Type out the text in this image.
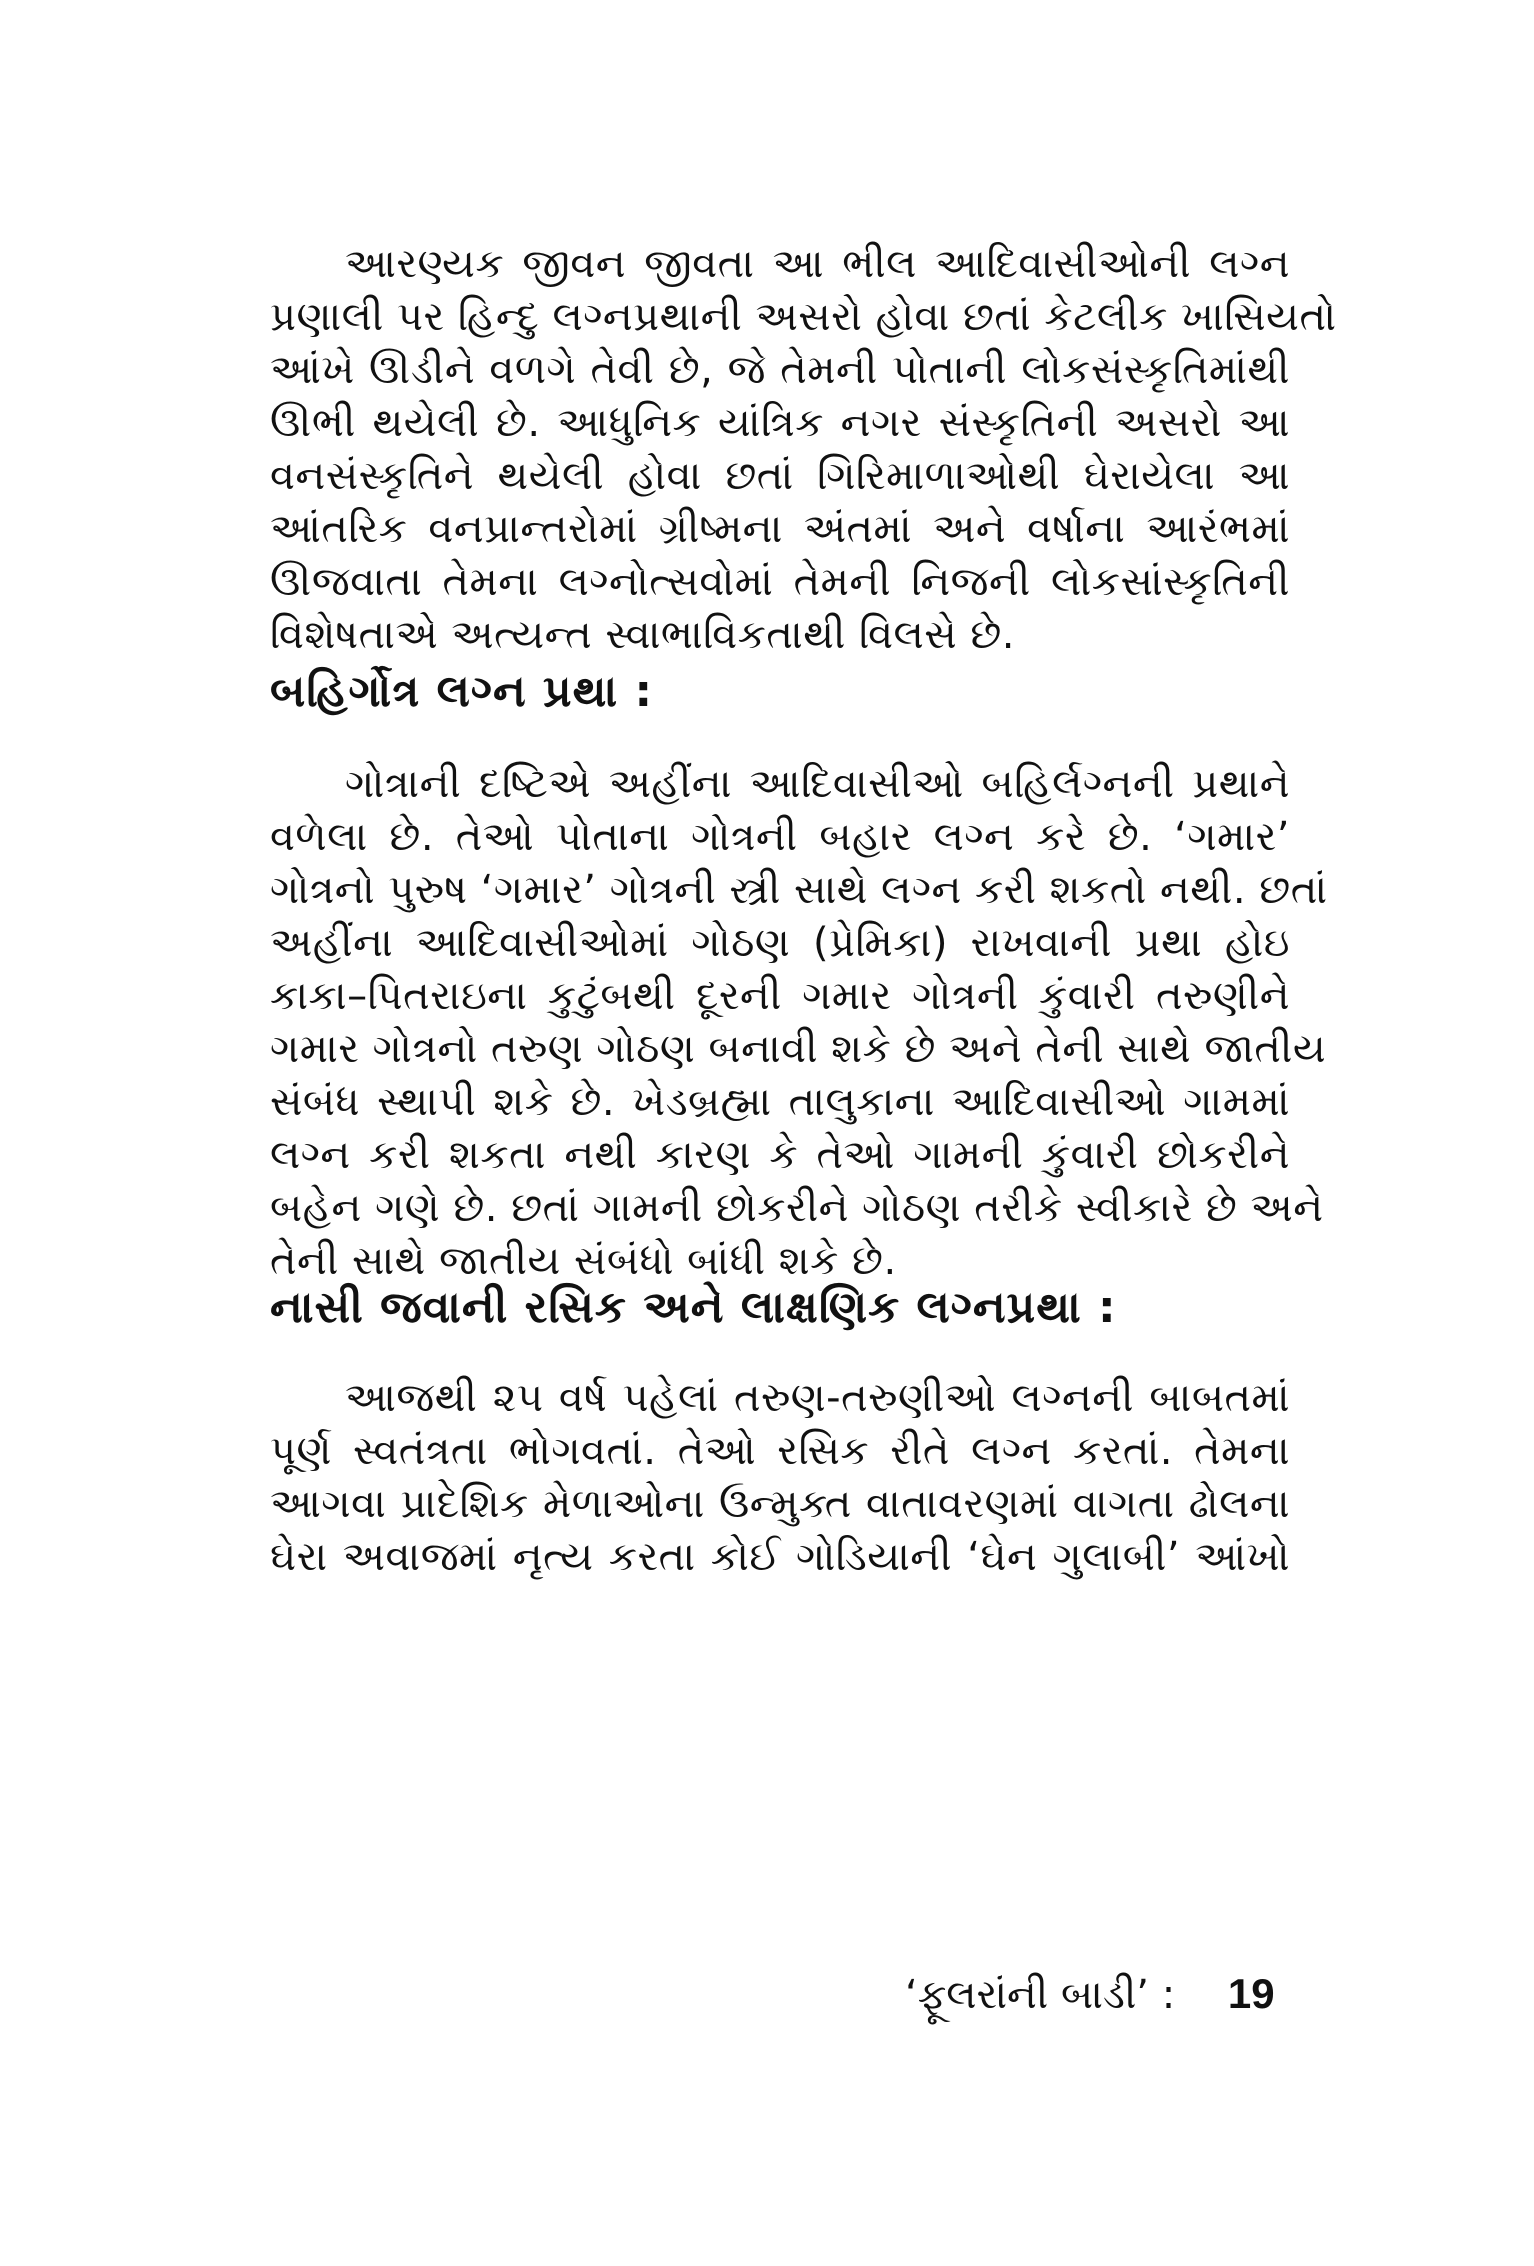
આરણ્યક જીવન જીવતા આ ભીલ આદિવાસીઓની લગ્ન
પ્રણાલી પર હિન્દુ લગ્નપ્રથાની અસરો હોવા છતાં કેટલીક ખાસિયતો
આંખે ઊડીને વળગે તેવી છે, જે તેમની પોતાની લોકસંસ્કૃતિમાંથી
ઊભી થયેલી છે. આધુનિક યાંત્રિક નગર સંસ્કૃતિની અસરો આ
વનસંસ્કૃતિને થયેલી હોવા છતાં ગિરિમાળાઓથી ઘેરાયેલા આ
આંતરિક વનપ્રાન્તરોમાં ગ્રીષ્મના અંતમાં અને વર્ષાના આરંભમાં
ઊજવાતા તેમના લગ્નોત્સવોમાં તેમની નિજની લોકસાંસ્કૃતિની
વિશેષતાએ અત્યન્ત સ્વાભાવિકતાથી વિલસે છે.
બહિર્ગોત્ર લગ્ન પ્રથા :
ગોત્રાની દષ્ટિએ અહીંના આદિવાસીઓ બહિર્લગ્નની પ્રથાને
વળેલા છે. તેઓ પોતાના ગોત્રની બહાર લગ્ન કરે છે. ‘ગમાર’
ગોત્રનો પુરુષ ‘ગમાર’ ગોત્રની સ્ત્રી સાથે લગ્ન કરી શકતો નથી. છતાં
અહીંના આદિવાસીઓમાં ગોઠણ (પ્રેમિકા) રાખવાની પ્રથા હોઇ
કાકા–પિતરાઇના કુટુંબથી દૂરની ગમાર ગોત્રની કુંવારી તરુણીને
ગમાર ગોત્રનો તરુણ ગોઠણ બનાવી શકે છે અને તેની સાથે જાતીય
સંબંધ સ્થાપી શકે છે. ખેડબ્રહ્મા તાલુકાના આદિવાસીઓ ગામમાં
લગ્ન કરી શકતા નથી કારણ કે તેઓ ગામની કુંવારી છોકરીને
બહેન ગણે છે. છતાં ગામની છોકરીને ગોઠણ તરીકે સ્વીકારે છે અને
તેની સાથે જાતીય સંબંધો બાંધી શકે છે.
નાસી જવાની રસિક અને લાક્ષણિક લગ્નપ્રથા :
આજથી ૨૫ વર્ષ પહેલાં તરુણ-તરુણીઓ લગ્નની બાબતમાં
પૂર્ણ સ્વતંત્રતા ભોગવતાં. તેઓ રસિક રીતે લગ્ન કરતાં. તેમના
આગવા પ્રાદેશિક મેળાઓના ઉન્મુક્ત વાતાવરણમાં વાગતા ઢોલના
ઘેરા અવાજમાં નૃત્ય કરતા કોઈ ગોડિયાની ‘ઘેન ગુલાબી’ આંખો
‘ફૂલરાંની બાડી’ : 19
